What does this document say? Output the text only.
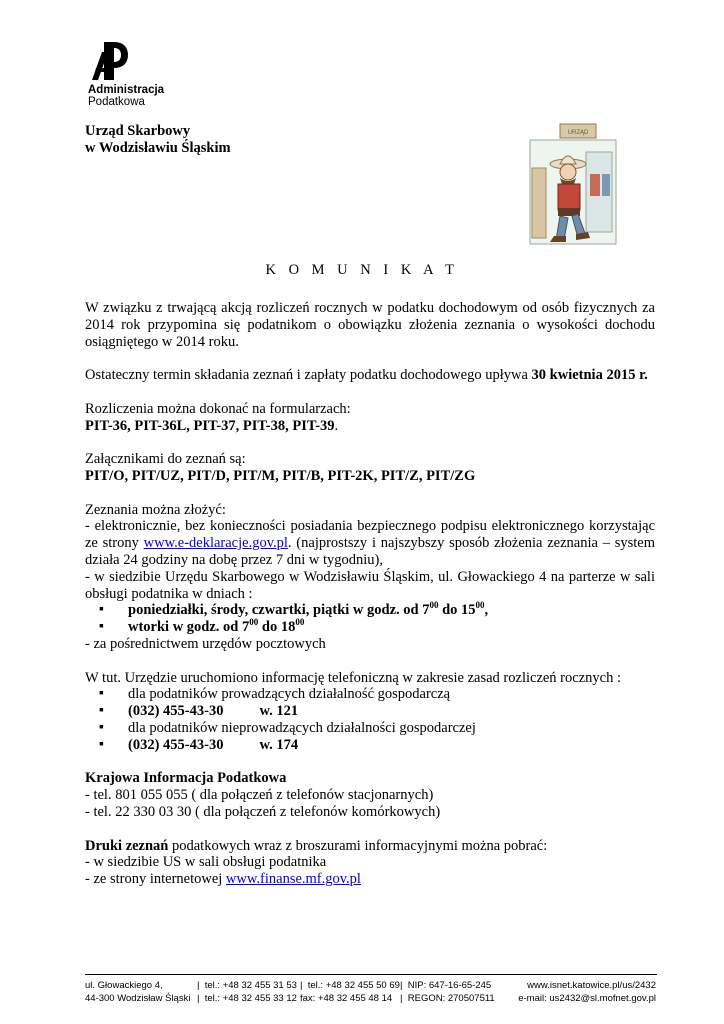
Administracja
Podatkowa
Urząd Skarbowy
w Wodzisławiu Śląskim
URZĄD
K O M U N I K A T

W związku z trwającą akcją rozliczeń rocznych w podatku dochodowym od osób fizycznych za 2014 rok przypomina się podatnikom o obowiązku złożenia zeznania o wysokości dochodu osiągniętego w 2014 roku.

Ostateczny termin składania zeznań i zapłaty podatku dochodowego upływa 30 kwietnia 2015 r.

Rozliczenia można dokonać na formularzach:
PIT-36, PIT-36L, PIT-37, PIT-38, PIT-39.

Załącznikami do zeznań są:
PIT/O, PIT/UZ, PIT/D, PIT/M, PIT/B, PIT-2K, PIT/Z, PIT/ZG

Zeznania można złożyć:
- elektronicznie, bez konieczności posiadania bezpiecznego podpisu elektronicznego korzystając ze strony www.e-deklaracje.gov.pl. (najprostszy i najszybszy sposób złożenia zeznania – system działa 24 godziny na dobę przez 7 dni w tygodniu),
- w siedzibie Urzędu Skarbowego w Wodzisławiu Śląskim, ul. Głowackiego 4 na parterze w sali obsługi podatnika w dniach :
▪ poniedziałki, środy, czwartki, piątki w godz. od $7^{00}$ do $15^{00}$,
▪ wtorki w godz. od $7^{00}$ do $18^{00}$
- za pośrednictwem urzędów pocztowych
W tut. Urzędzie uruchomiono informację telefoniczną w zakresie zasad rozliczeń rocznych :
▪ dla podatników prowadzących działalność gospodarczą
▪ (032) 455-43-30 w. 121
▪ dla podatników nieprowadzących działalności gospodarczej
▪ (032) 455-43-30 w. 174
Krajowa Informacja Podatkowa
- tel. 801 055 055 ( dla połączeń z telefonów stacjonarnych)
- tel. 22 330 03 30 ( dla połączeń z telefonów komórkowych)
Druki zeznań podatkowych wraz z broszurami informacyjnymi można pobrać:
- w siedzibie US w sali obsługi podatnika
- ze strony internetowej www.finanse.mf.gov.pl
ul. Głowackiego 4,
44-300 Wodzisław Śląski
|  tel.: +48 32 455 31 53
|  tel.: +48 32 455 33 12
|  tel.: +48 32 455 50 69
fax: +48 32 455 48 14
|  NIP: 647-16-65-245
|  REGON: 270507511
www.isnet.katowice.pl/us/2432
e-mail: us2432@sl.mofnet.gov.pl
